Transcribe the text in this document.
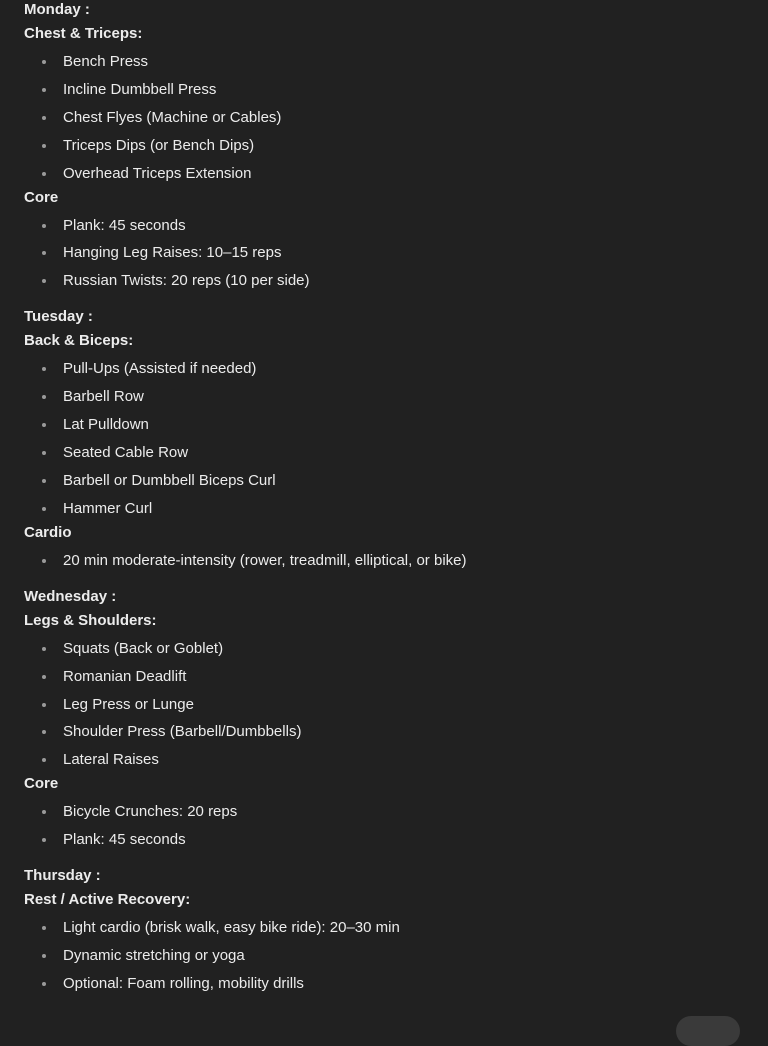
Monday :
Chest & Triceps:
Bench Press
Incline Dumbbell Press
Chest Flyes (Machine or Cables)
Triceps Dips (or Bench Dips)
Overhead Triceps Extension
Core
Plank: 45 seconds
Hanging Leg Raises: 10–15 reps
Russian Twists: 20 reps (10 per side)
Tuesday :
Back & Biceps:
Pull-Ups (Assisted if needed)
Barbell Row
Lat Pulldown
Seated Cable Row
Barbell or Dumbbell Biceps Curl
Hammer Curl
Cardio
20 min moderate-intensity (rower, treadmill, elliptical, or bike)
Wednesday :
Legs & Shoulders:
Squats (Back or Goblet)
Romanian Deadlift
Leg Press or Lunge
Shoulder Press (Barbell/Dumbbells)
Lateral Raises
Core
Bicycle Crunches: 20 reps
Plank: 45 seconds
Thursday :
Rest / Active Recovery:
Light cardio (brisk walk, easy bike ride): 20–30 min
Dynamic stretching or yoga
Optional: Foam rolling, mobility drills
